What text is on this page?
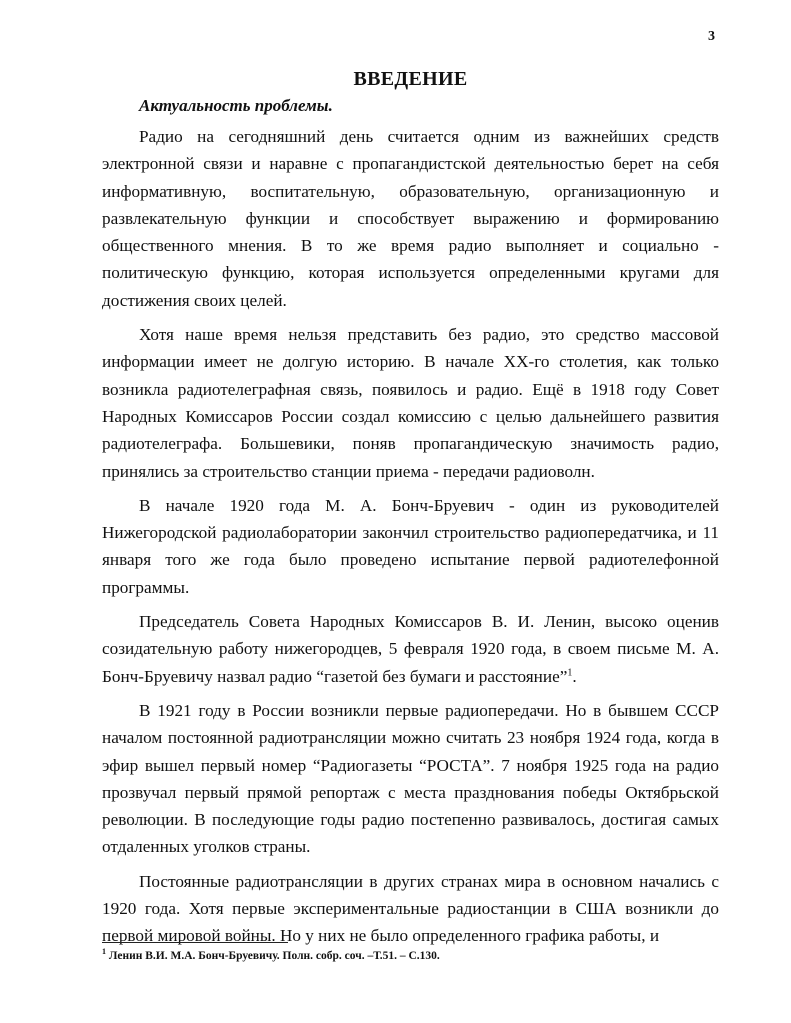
3
ВВЕДЕНИЕ
Актуальность проблемы.

Радио на сегодняшний день считается одним из важнейших средств электронной связи и наравне с пропагандистской деятельностью берет на себя информативную, воспитательную, образовательную, организационную и развлекательную функции и способствует выражению и формированию общественного мнения. В то же время радио выполняет и социально - политическую функцию, которая используется определенными кругами для достижения своих целей.

Хотя наше время нельзя представить без радио, это средство массовой информации имеет не долгую историю. В начале ХХ-го столетия, как только возникла радиотелеграфная связь, появилось и радио. Ещё в 1918 году Совет Народных Комиссаров России создал комиссию с целью дальнейшего развития радиотелеграфа. Большевики, поняв пропагандическую значимость радио, принялись за строительство станции приема - передачи радиоволн.

В начале 1920 года М. А. Бонч-Бруевич - один из руководителей Нижегородской радиолаборатории закончил строительство радиопередатчика, и 11 января того же года было проведено испытание первой радиотелефонной программы.

Председатель Совета Народных Комиссаров В. И. Ленин, высоко оценив созидательную работу нижегородцев, 5 февраля 1920 года, в своем письме М. А. Бонч-Бруевичу назвал радио “газетой без бумаги и расстояние”$^1$.

В 1921 году в России возникли первые радиопередачи. Но в бывшем СССР началом постоянной радиотрансляции можно считать 23 ноября 1924 года, когда в эфир вышел первый номер “Радиогазеты “РОСТА”. 7 ноября 1925 года на радио прозвучал первый прямой репортаж с места празднования победы Октябрьской революции. В последующие годы радио постепенно развивалось, достигая самых отдаленных уголков страны.

Постоянные радиотрансляции в других странах мира в основном начались с 1920 года. Хотя первые экспериментальные радиостанции в США возникли до первой мировой войны. Но у них не было определенного графика работы, и

$^1$ Ленин В.И. М.А. Бонч-Бруевичу. Полн. собр. соч. –Т.51. – С.130.
